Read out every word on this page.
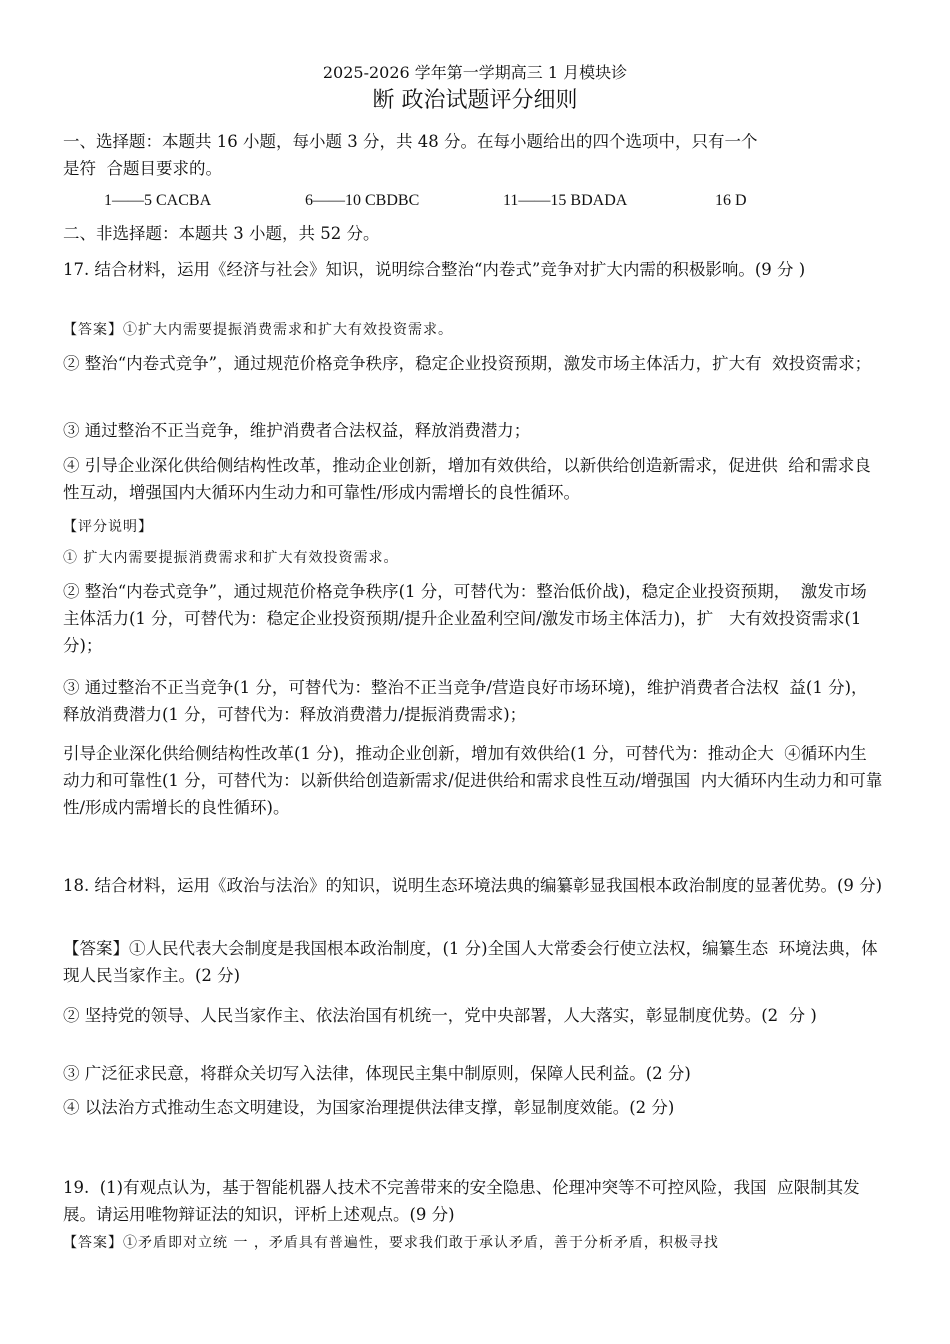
2025-2026 学年第一学期高三 1 月模块诊
断 政治试题评分细则

一、选择题：本题共 16 小题，每小题 3 分，共 48 分。在每小题给出的四个选项中，只有一个

是符  合题目要求的。

1——5 CACBA	6——10 CBDBC	11——15 BDADA	16 D

二、非选择题：本题共 3 小题，共 52 分。

17. 结合材料，运用《经济与社会》知识，说明综合整治“内卷式”竞争对扩大内需的积极影响。(9 分 )

【答案】①扩大内需要提振消费需求和扩大有效投资需求。

② 整治“内卷式竞争”，通过规范价格竞争秩序，稳定企业投资预期，激发市场主体活力，扩大有  效投资需求；

③ 通过整治不正当竞争，维护消费者合法权益，释放消费潜力；

④ 引导企业深化供给侧结构性改革，推动企业创新，增加有效供给，以新供给创造新需求，促进供  给和需求良性互动，增强国内大循环内生动力和可靠性/形成内需增长的良性循环。

【评分说明】

① 扩大内需要提振消费需求和扩大有效投资需求。

② 整治“内卷式竞争”，通过规范价格竞争秩序(1 分，可替代为：整治低价战)，稳定企业投资预期，  激发市场主体活力(1 分，可替代为：稳定企业投资预期/提升企业盈利空间/激发市场主体活力)，扩   大有效投资需求(1 分)；

③ 通过整治不正当竞争(1 分，可替代为：整治不正当竞争/营造良好市场环境)，维护消费者合法权  益(1 分)，释放消费潜力(1 分，可替代为：释放消费潜力/提振消费需求)；

引导企业深化供给侧结构性改革(1 分)，推动企业创新，增加有效供给(1 分，可替代为：推动企大  ④循环内生动力和可靠性(1 分，可替代为：以新供给创造新需求/促进供给和需求良性互动/增强国  内大循环内生动力和可靠性/形成内需增长的良性循环)。

18. 结合材料，运用《政治与法治》的知识，说明生态环境法典的编纂彰显我国根本政治制度的显著优势。(9 分)

【答案】①人民代表大会制度是我国根本政治制度，(1 分)全国人大常委会行使立法权，编纂生态  环境法典，体现人民当家作主。(2 分)

② 坚持党的领导、人民当家作主、依法治国有机统一，党中央部署，人大落实，彰显制度优势。(2  分 )

③ 广泛征求民意，将群众关切写入法律，体现民主集中制原则，保障人民利益。(2 分)

④ 以法治方式推动生态文明建设，为国家治理提供法律支撑，彰显制度效能。(2 分)

19.  (1)有观点认为，基于智能机器人技术不完善带来的安全隐患、伦理冲突等不可控风险，我国  应限制其发展。请运用唯物辩证法的知识，评析上述观点。(9 分)

【答案】①矛盾即对立统 一 ，矛盾具有普遍性，要求我们敢于承认矛盾，善于分析矛盾，积极寻找
